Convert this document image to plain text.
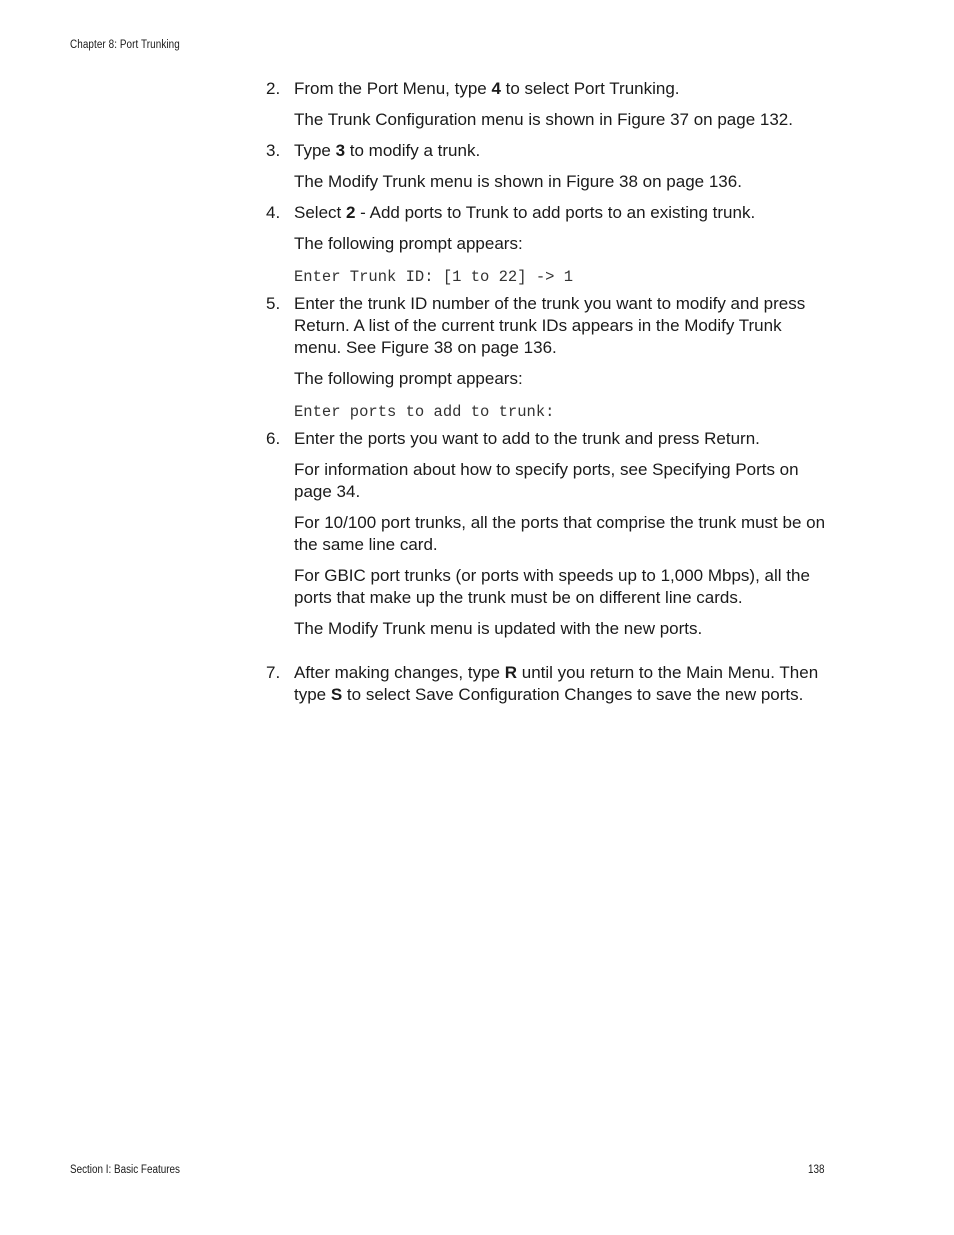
Chapter 8: Port Trunking
2. From the Port Menu, type 4 to select Port Trunking.
The Trunk Configuration menu is shown in Figure 37 on page 132.
3. Type 3 to modify a trunk.
The Modify Trunk menu is shown in Figure 38 on page 136.
4. Select 2 - Add ports to Trunk to add ports to an existing trunk.
The following prompt appears:
Enter Trunk ID: [1 to 22] -> 1
5. Enter the trunk ID number of the trunk you want to modify and press Return. A list of the current trunk IDs appears in the Modify Trunk menu. See Figure 38 on page 136.
The following prompt appears:
Enter ports to add to trunk:
6. Enter the ports you want to add to the trunk and press Return.
For information about how to specify ports, see Specifying Ports on page 34.
For 10/100 port trunks, all the ports that comprise the trunk must be on the same line card.
For GBIC port trunks (or ports with speeds up to 1,000 Mbps), all the ports that make up the trunk must be on different line cards.
The Modify Trunk menu is updated with the new ports.
7. After making changes, type R until you return to the Main Menu. Then type S to select Save Configuration Changes to save the new ports.
Section I: Basic Features	138
